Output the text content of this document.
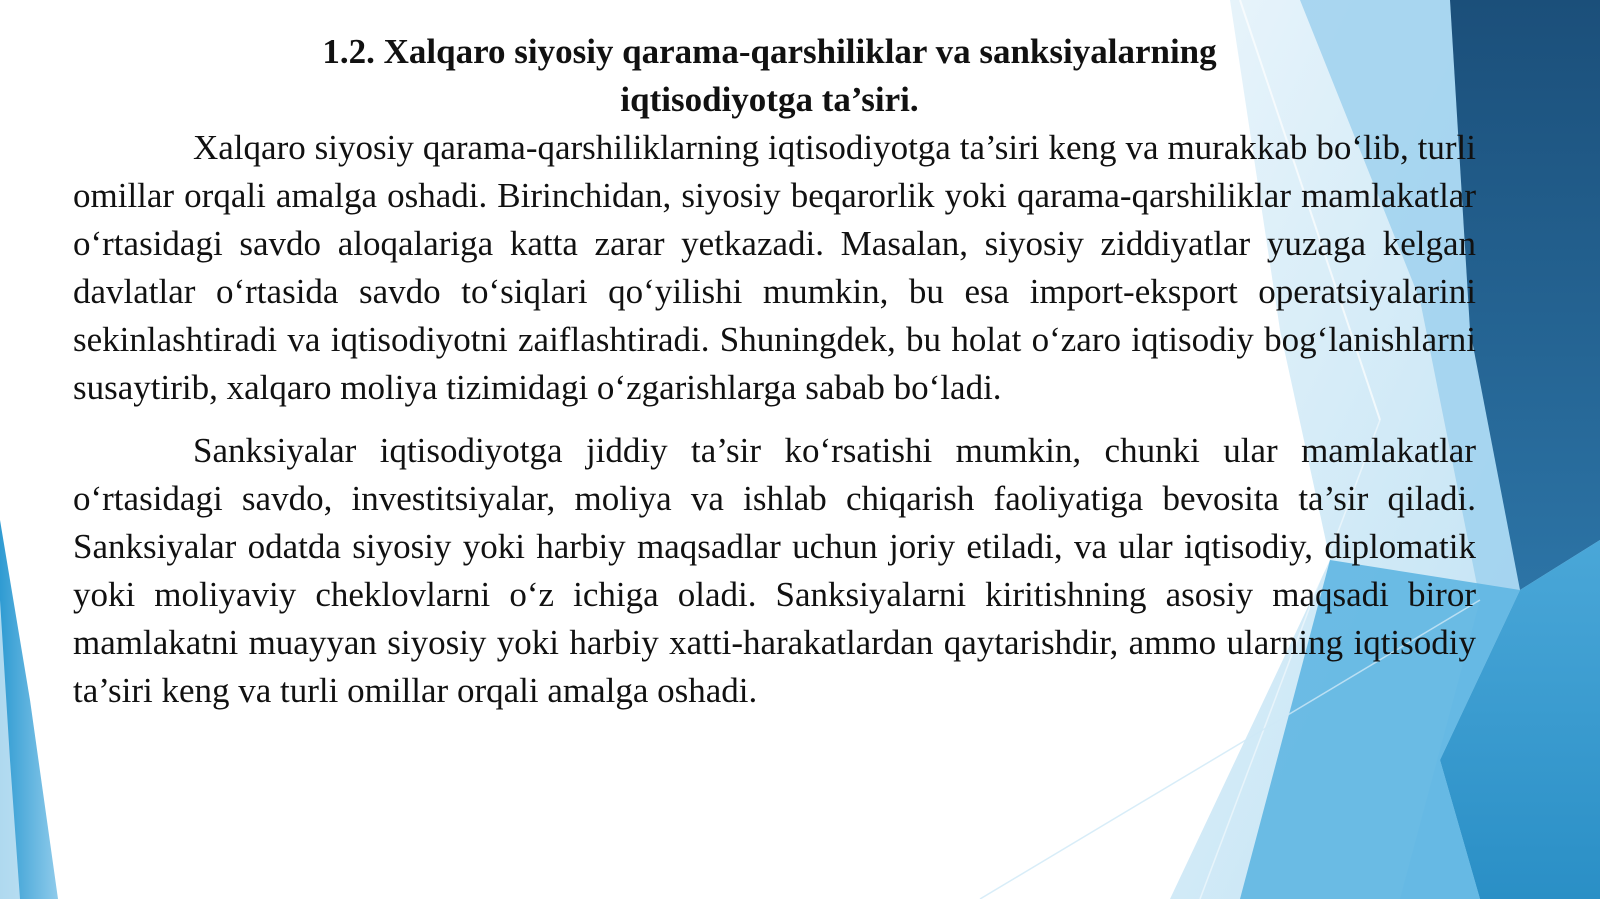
1.2. Xalqaro siyosiy qarama-qarshiliklar va sanksiyalarning
iqtisodiyotga ta’siri.

Xalqaro siyosiy qarama-qarshiliklarning iqtisodiyotga ta’siri keng va murakkab bo‘lib, turli omillar orqali amalga oshadi. Birinchidan, siyosiy beqarorlik yoki qarama-qarshiliklar mamlakatlar o‘rtasidagi savdo aloqalariga katta zarar yetkazadi. Masalan, siyosiy ziddiyatlar yuzaga kelgan davlatlar o‘rtasida savdo to‘siqlari qo‘yilishi mumkin, bu esa import-eksport operatsiyalarini sekinlashtiradi va iqtisodiyotni zaiflashtiradi. Shuningdek, bu holat o‘zaro iqtisodiy bog‘lanishlarni susaytirib, xalqaro moliya tizimidagi o‘zgarishlarga sabab bo‘ladi.

Sanksiyalar iqtisodiyotga jiddiy ta’sir ko‘rsatishi mumkin, chunki ular mamlakatlar o‘rtasidagi savdo, investitsiyalar, moliya va ishlab chiqarish faoliyatiga bevosita ta’sir qiladi. Sanksiyalar odatda siyosiy yoki harbiy maqsadlar uchun joriy etiladi, va ular iqtisodiy, diplomatik yoki moliyaviy cheklovlarni o‘z ichiga oladi. Sanksiyalarni kiritishning asosiy maqsadi biror mamlakatni muayyan siyosiy yoki harbiy xatti-harakatlardan qaytarishdir, ammo ularning iqtisodiy ta’siri keng va turli omillar orqali amalga oshadi.
